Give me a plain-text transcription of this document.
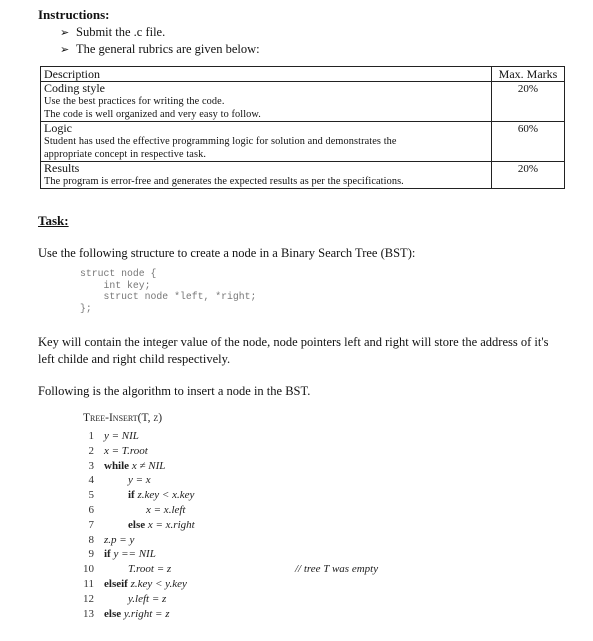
Instructions:
➢ Submit the .c file.
➢ The general rubrics are given below:
Description	Max. Marks

Coding style
Use the best practices for writing the code.
The code is well organized and very easy to follow.	20%

Logic
Student has used the effective programming logic for solution and demonstrates the
appropriate concept in respective task.	60%

Results
The program is error-free and generates the expected results as per the specifications.	20%
Task:
Use the following structure to create a node in a Binary Search Tree (BST):
struct node {
int key;
struct node *left, *right;
};
Key will contain the integer value of the node, node pointers left and right will store the address of it's left childe and right child respectively.
Following is the algorithm to insert a node in the BST.
Tree-Insert(T, z)
1 y = NIL
2 x = T.root
3 while x ≠ NIL
4	y = x
5	if z.key < x.key
6	x = x.left
7	else x = x.right
8 z.p = y
9 if y == NIL
10	T.root = z	// tree T was empty
11 elseif z.key < y.key
12	y.left = z
13 else y.right = z
